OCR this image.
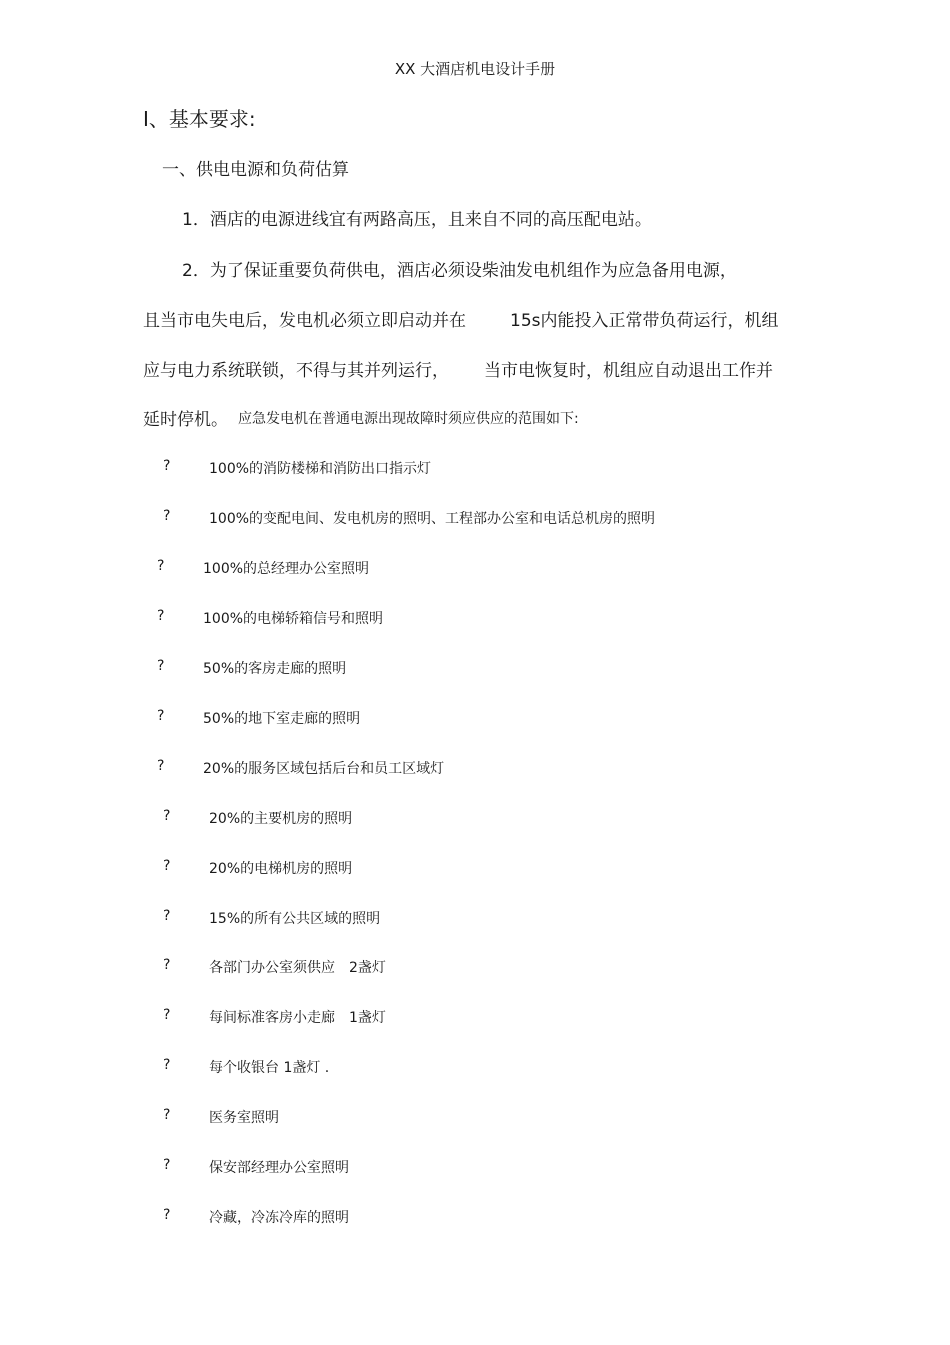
XX 大酒店机电设计手册
I、基本要求:
一、供电电源和负荷估算
1．酒店的电源进线宜有两路高压，且来自不同的高压配电站。
2．为了保证重要负荷供电，酒店必须设柴油发电机组作为应急备用电源，
且当市电失电后，发电机必须立即启动并在	15s内能投入正常带负荷运行，机组
应与电力系统联锁，不得与其并列运行， 当市电恢复时，机组应自动退出工作并
延时停机。 应急发电机在普通电源出现故障时须应供应的范围如下:
?	100%的消防楼梯和消防出口指示灯
?	100%的变配电间、发电机房的照明、工程部办公室和电话总机房的照明
?	100%的总经理办公室照明
?	100%的电梯轿箱信号和照明
?	50%的客房走廊的照明
?	50%的地下室走廊的照明
?	20%的服务区域包括后台和员工区域灯
?	20%的主要机房的照明
?	20%的电梯机房的照明
?	15%的所有公共区域的照明
?	各部门办公室须供应　2盏灯
?	每间标准客房小走廊　1盏灯
?	每个收银台 1盏灯 .
?	医务室照明
?	保安部经理办公室照明
?	冷藏，冷冻冷库的照明
